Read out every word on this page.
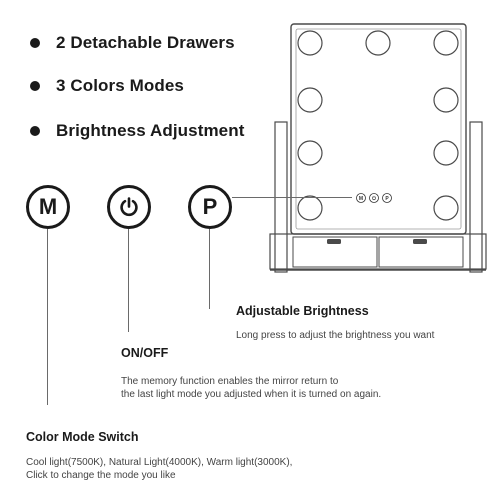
2 Detachable Drawers
3 Colors Modes
Brightness Adjustment
M ⏻ P
M	P
Adjustable Brightness
Long press to adjust the brightness you want
ON/OFF
The memory function enables the mirror return to
the last light mode you adjusted when it is turned on again.
Color Mode Switch
Cool light(7500K), Natural Light(4000K), Warm light(3000K),
Click to change the mode you like
